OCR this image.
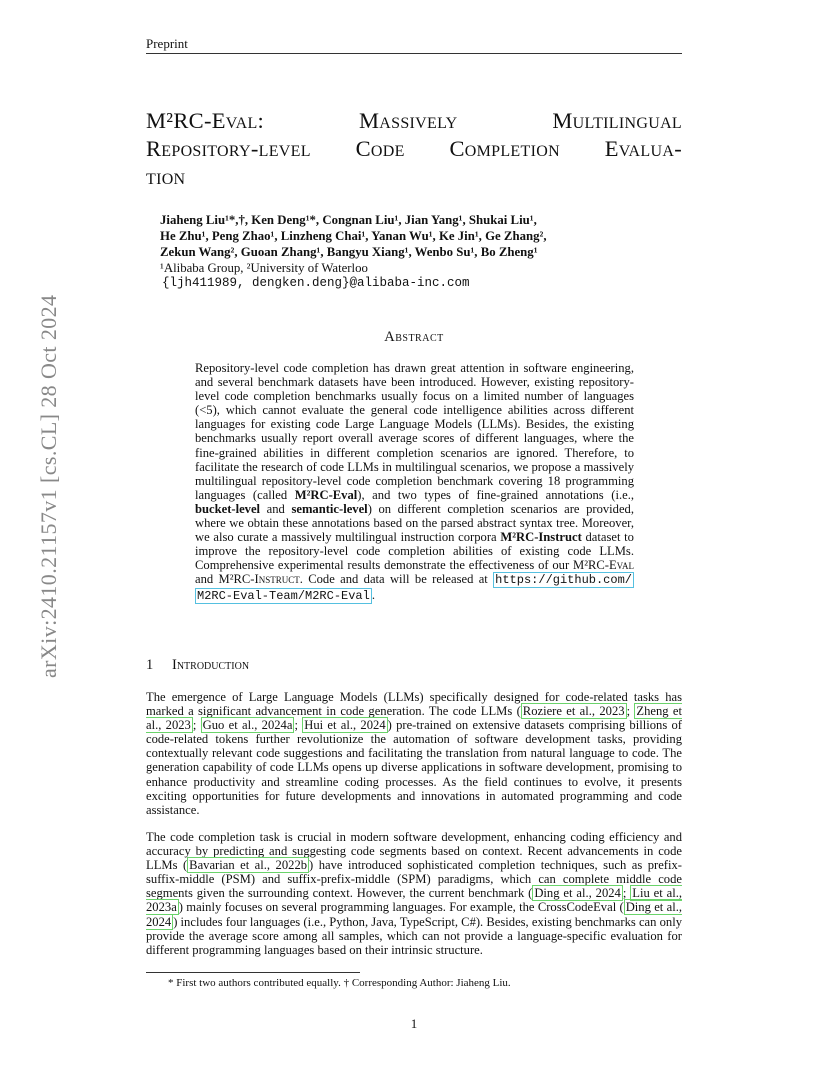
Preprint
arXiv:2410.21157v1 [cs.CL] 28 Oct 2024
M²RC-Eval: Massively Multilingual
Repository-level Code Completion Evalua-
tion
Jiaheng Liu¹*,†, Ken Deng¹*, Congnan Liu¹, Jian Yang¹, Shukai Liu¹,
He Zhu¹, Peng Zhao¹, Linzheng Chai¹, Yanan Wu¹, Ke Jin¹, Ge Zhang²,
Zekun Wang², Guoan Zhang¹, Bangyu Xiang¹, Wenbo Su¹, Bo Zheng¹
¹Alibaba Group, ²University of Waterloo
{ljh411989, dengken.deng}@alibaba-inc.com
Abstract
Repository-level code completion has drawn great attention in software engineering, and several benchmark datasets have been introduced. However, existing repository-level code completion benchmarks usually focus on a limited number of languages (<5), which cannot evaluate the general code intelligence abilities across different languages for existing code Large Language Models (LLMs). Besides, the existing benchmarks usually report overall average scores of different languages, where the fine-grained abilities in different completion scenarios are ignored. Therefore, to facilitate the research of code LLMs in multilingual scenarios, we propose a massively multilingual repository-level code completion benchmark covering 18 programming languages (called M²RC-Eval), and two types of fine-grained annotations (i.e., bucket-level and semantic-level) on different completion scenarios are provided, where we obtain these annotations based on the parsed abstract syntax tree. Moreover, we also curate a massively multilingual instruction corpora M²RC-Instruct dataset to improve the repository-level code completion abilities of existing code LLMs. Comprehensive experimental results demonstrate the effectiveness of our M²RC-Eval and M²RC-Instruct. Code and data will be released at https://github.com/ M2RC-Eval-Team/M2RC-Eval .
1 Introduction
The emergence of Large Language Models (LLMs) specifically designed for code-related tasks has marked a significant advancement in code generation. The code LLMs ( Roziere et al., 2023 ; Zheng et al., 2023 ; Guo et al., 2024a ; Hui et al., 2024 ) pre-trained on extensive datasets comprising billions of code-related tokens further revolutionize the automation of software development tasks, providing contextually relevant code suggestions and facilitating the translation from natural language to code. The generation capability of code LLMs opens up diverse applications in software development, promising to enhance productivity and streamline coding processes. As the field continues to evolve, it presents exciting opportunities for future developments and innovations in automated programming and code assistance.
The code completion task is crucial in modern software development, enhancing coding efficiency and accuracy by predicting and suggesting code segments based on context. Recent advancements in code LLMs ( Bavarian et al., 2022b ) have introduced sophisticated completion techniques, such as prefix-suffix-middle (PSM) and suffix-prefix-middle (SPM) paradigms, which can complete middle code segments given the surrounding context. However, the current benchmark ( Ding et al., 2024 ; Liu et al., 2023a ) mainly focuses on several programming languages. For example, the CrossCodeEval ( Ding et al., 2024 ) includes four languages (i.e., Python, Java, TypeScript, C#). Besides, existing benchmarks can only provide the average score among all samples, which can not provide a language-specific evaluation for different programming languages based on their intrinsic structure.
* First two authors contributed equally. † Corresponding Author: Jiaheng Liu.
1
